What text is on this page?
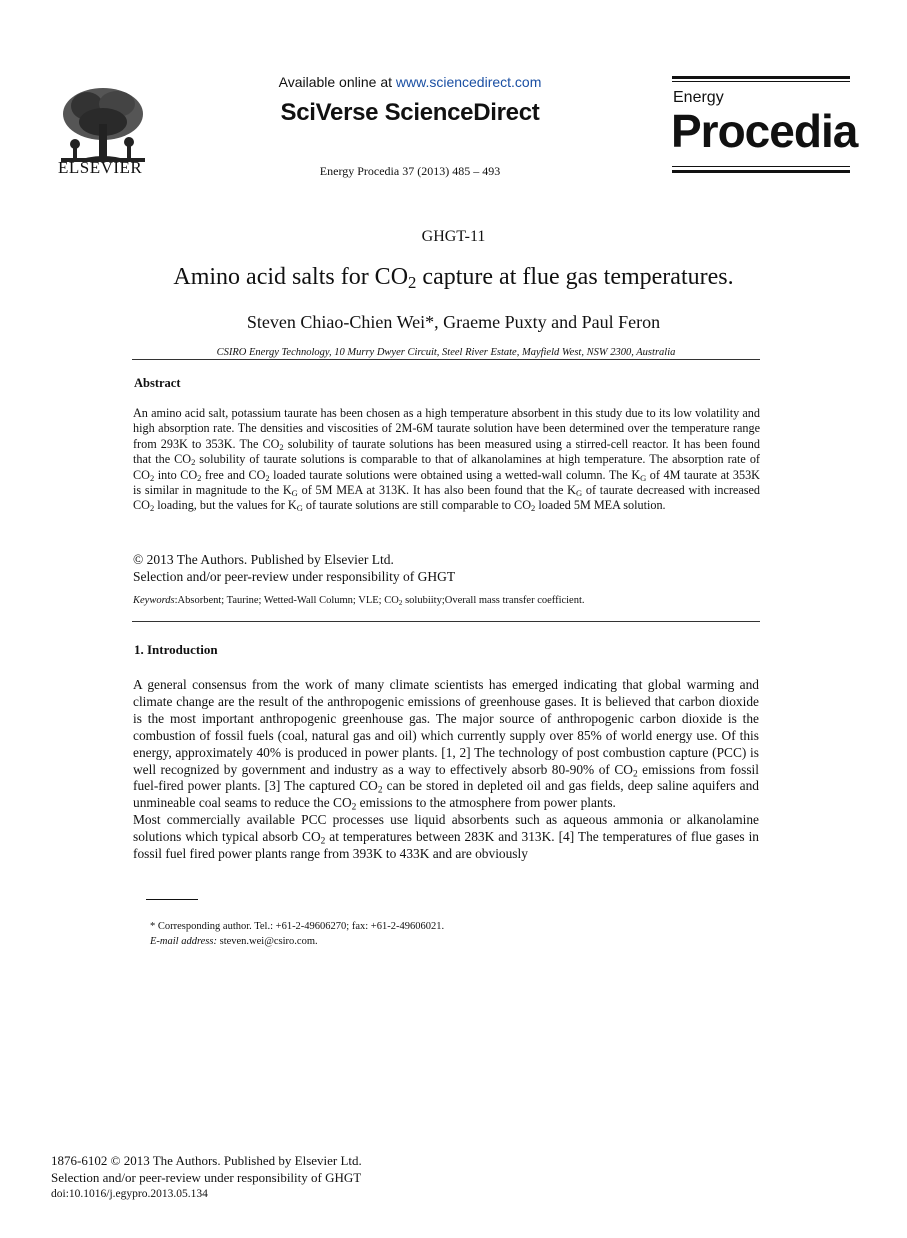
ELSEVIER
Available online at www.sciencedirect.com
SciVerse ScienceDirect
Energy Procedia 37 (2013) 485 – 493
Energy
Procedia
GHGT-11
Amino acid salts for $CO_2$ capture at flue gas temperatures.
Steven Chiao-Chien Wei*, Graeme Puxty and Paul Feron
CSIRO Energy Technology, 10 Murry Dwyer Circuit, Steel River Estate, Mayfield West, NSW 2300, Australia
Abstract
An amino acid salt, potassium taurate has been chosen as a high temperature absorbent in this study due to its low volatility and high absorption rate. The densities and viscosities of 2M-6M taurate solution have been determined over the temperature range from 293K to 353K. The $CO_2$ solubility of taurate solutions has been measured using a stirred-cell reactor. It has been found that the $CO_2$ solubility of taurate solutions is comparable to that of alkanolamines at high temperature. The absorption rate of $CO_2$ into $CO_2$ free and $CO_2$ loaded taurate solutions were obtained using a wetted-wall column. The $K_G$ of 4M taurate at 353K is similar in magnitude to the $K_G$ of 5M MEA at 313K. It has also been found that the $K_G$ of taurate decreased with increased $CO_2$ loading, but the values for $K_G$ of taurate solutions are still comparable to $CO_2$ loaded 5M MEA solution.
© 2013 The Authors. Published by Elsevier Ltd.
Selection and/or peer-review under responsibility of GHGT
Keywords:Absorbent; Taurine; Wetted-Wall Column; VLE; $CO_2$ solubiity;Overall mass transfer coefficient.
1. Introduction
A general consensus from the work of many climate scientists has emerged indicating that global warming and climate change are the result of the anthropogenic emissions of greenhouse gases. It is believed that carbon dioxide is the most important anthropogenic greenhouse gas. The major source of anthropogenic carbon dioxide is the combustion of fossil fuels (coal, natural gas and oil) which currently supply over 85% of world energy use. Of this energy, approximately 40% is produced in power plants. [1, 2] The technology of post combustion capture (PCC) is well recognized by government and industry as a way to effectively absorb 80-90% of $CO_2$ emissions from fossil fuel-fired power plants. [3] The captured $CO_2$ can be stored in depleted oil and gas fields, deep saline aquifers and unmineable coal seams to reduce the $CO_2$ emissions to the atmosphere from power plants.
Most commercially available PCC processes use liquid absorbents such as aqueous ammonia or alkanolamine solutions which typical absorb $CO_2$ at temperatures between 283K and 313K. [4] The temperatures of flue gases in fossil fuel fired power plants range from 393K to 433K and are obviously
* Corresponding author. Tel.: +61-2-49606270; fax: +61-2-49606021.
E-mail address: steven.wei@csiro.com.
1876-6102 © 2013 The Authors. Published by Elsevier Ltd.
Selection and/or peer-review under responsibility of GHGT
doi:10.1016/j.egypro.2013.05.134
